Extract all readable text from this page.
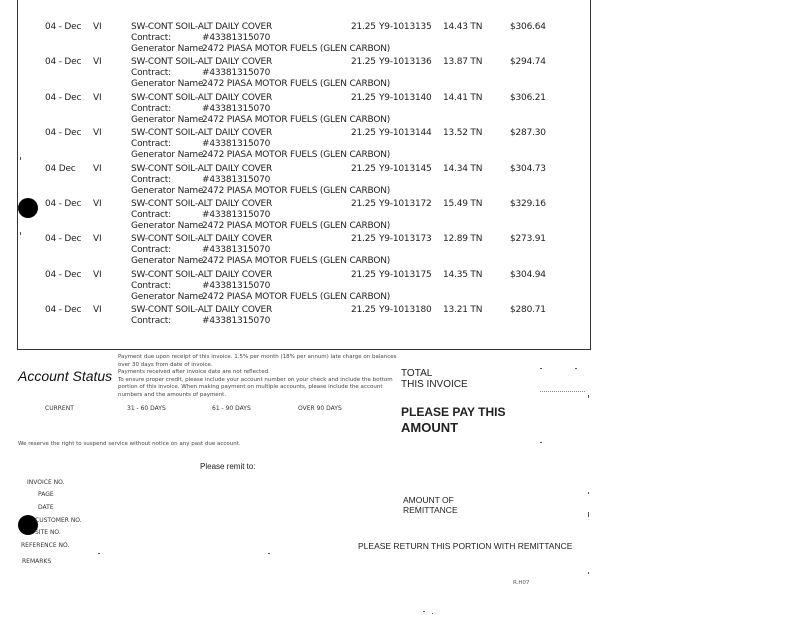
04 - Dec VI	SW-CONT SOIL-ALT DAILY COVER	21.25 Y9-1013135 14.43 TN	$306.64
Contract:	#43381315070
Generator Name
2472 PIASA MOTOR FUELS (GLEN CARBON)
04 - Dec VI	SW-CONT SOIL-ALT DAILY COVER	21.25 Y9-1013136 13.87 TN	$294.74
Contract:	#43381315070
Generator Name
2472 PIASA MOTOR FUELS (GLEN CARBON)
04 - Dec VI	SW-CONT SOIL-ALT DAILY COVER	21.25 Y9-1013140 14.41 TN	$306.21
Contract:	#43381315070
Generator Name
2472 PIASA MOTOR FUELS (GLEN CARBON)
04 - Dec VI	SW-CONT SOIL-ALT DAILY COVER	21.25 Y9-1013144 13.52 TN	$287.30
Contract:	#43381315070
Generator Name
2472 PIASA MOTOR FUELS (GLEN CARBON)
04 Dec VI	SW-CONT SOIL-ALT DAILY COVER	21.25 Y9-1013145 14.34 TN	$304.73
Contract:	#43381315070
Generator Name
2472 PIASA MOTOR FUELS (GLEN CARBON)
04 - Dec VI	SW-CONT SOIL-ALT DAILY COVER	21.25 Y9-1013172 15.49 TN	$329.16
Contract:	#43381315070
Generator Name
2472 PIASA MOTOR FUELS (GLEN CARBON)
04 - Dec VI	SW-CONT SOIL-ALT DAILY COVER	21.25 Y9-1013173 12.89 TN	$273.91
Contract:	#43381315070
Generator Name
2472 PIASA MOTOR FUELS (GLEN CARBON)
04 - Dec VI	SW-CONT SOIL-ALT DAILY COVER	21.25 Y9-1013175 14.35 TN	$304.94
Contract:	#43381315070
Generator Name
2472 PIASA MOTOR FUELS (GLEN CARBON)
04 - Dec VI	SW-CONT SOIL-ALT DAILY COVER	21.25 Y9-1013180 13.21 TN	$280.71
Contract:	#43381315070
Account Status
Payment due upon receipt of this invoice. 1.5% per month (18% per annum) late charge on balances
over 30 days from date of invoice.
Payments received after invoice date are not reflected.
To ensure proper credit, please include your account number on your check and include the bottom
portion of this invoice. When making payment on multiple accounts, please include the account
numbers and the amounts of payment.
CURRENT	31 - 60 DAYS	61 - 90 DAYS	OVER 90 DAYS
TOTAL
THIS INVOICE
PLEASE PAY THIS
AMOUNT
We reserve the right to suspend service without notice on any past due account.
Please remit to:
INVOICE NO.
PAGE
DATE
CUSTOMER NO.
SITE NO.
REFERENCE NO.
REMARKS
AMOUNT OF
REMITTANCE
PLEASE RETURN THIS PORTION WITH REMITTANCE
R.H07
